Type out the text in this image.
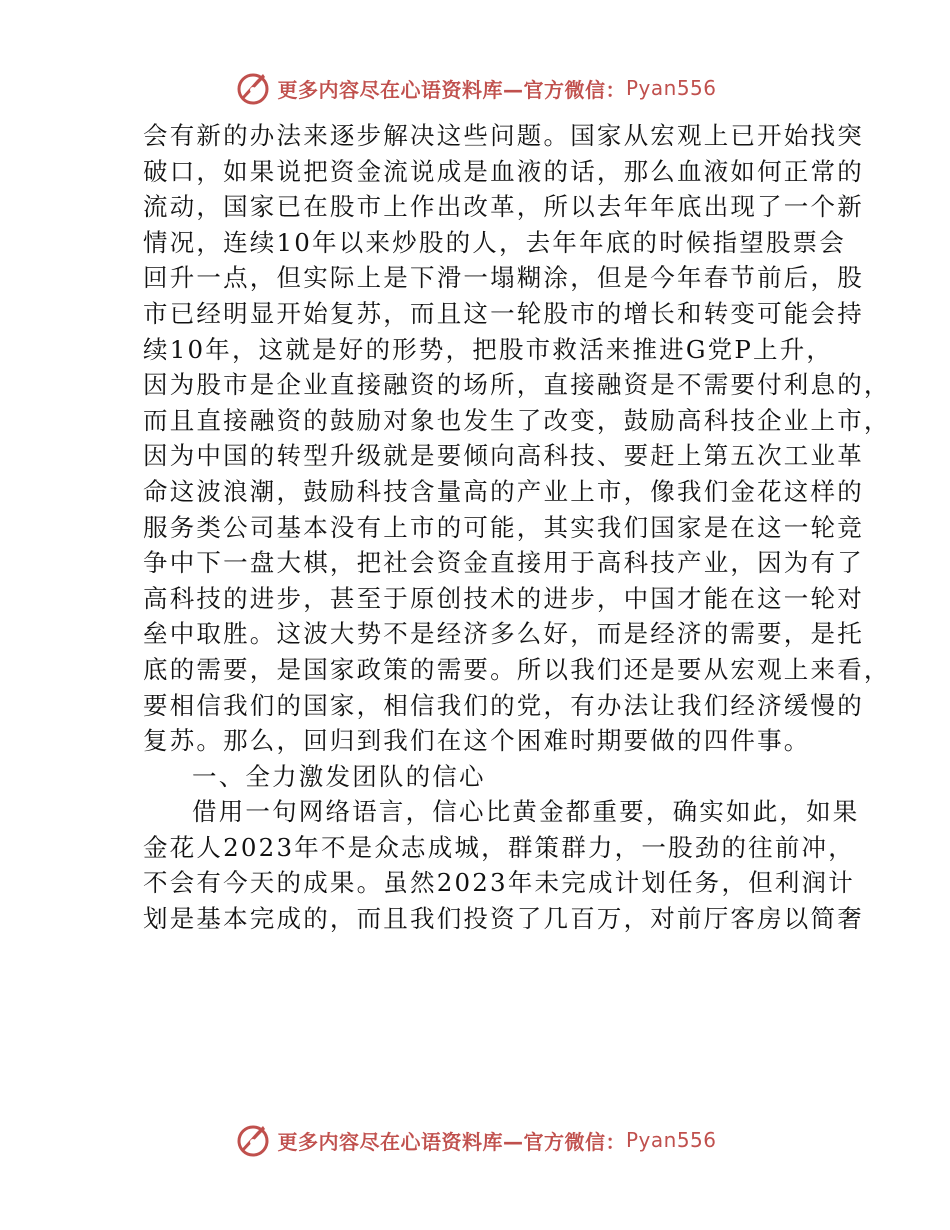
更多内容尽在心语资料库—官方微信： Pyan556
会有新的办法来逐步解决这些问题。国家从宏观上已开始找突
破口，如果说把资金流说成是血液的话，那么血液如何正常的
流动，国家已在股市上作出改革，所以去年年底出现了一个新
情况，连续10年以来炒股的人，去年年底的时候指望股票会
回升一点，但实际上是下滑一塌糊涂，但是今年春节前后，股
市已经明显开始复苏，而且这一轮股市的增长和转变可能会持
续10年，这就是好的形势，把股市救活来推进G党P上升，
因为股市是企业直接融资的场所，直接融资是不需要付利息的，
而且直接融资的鼓励对象也发生了改变，鼓励高科技企业上市，
因为中国的转型升级就是要倾向高科技、要赶上第五次工业革
命这波浪潮，鼓励科技含量高的产业上市，像我们金花这样的
服务类公司基本没有上市的可能，其实我们国家是在这一轮竞
争中下一盘大棋，把社会资金直接用于高科技产业，因为有了
高科技的进步，甚至于原创技术的进步，中国才能在这一轮对
垒中取胜。这波大势不是经济多么好，而是经济的需要，是托
底的需要，是国家政策的需要。所以我们还是要从宏观上来看，
要相信我们的国家，相信我们的党，有办法让我们经济缓慢的
复苏。那么，回归到我们在这个困难时期要做的四件事。
一、全力激发团队的信心
借用一句网络语言，信心比黄金都重要，确实如此，如果
金花人2023年不是众志成城，群策群力，一股劲的往前冲，
不会有今天的成果。虽然2023年未完成计划任务，但利润计
划是基本完成的，而且我们投资了几百万，对前厅客房以简奢
更多内容尽在心语资料库—官方微信： Pyan556
